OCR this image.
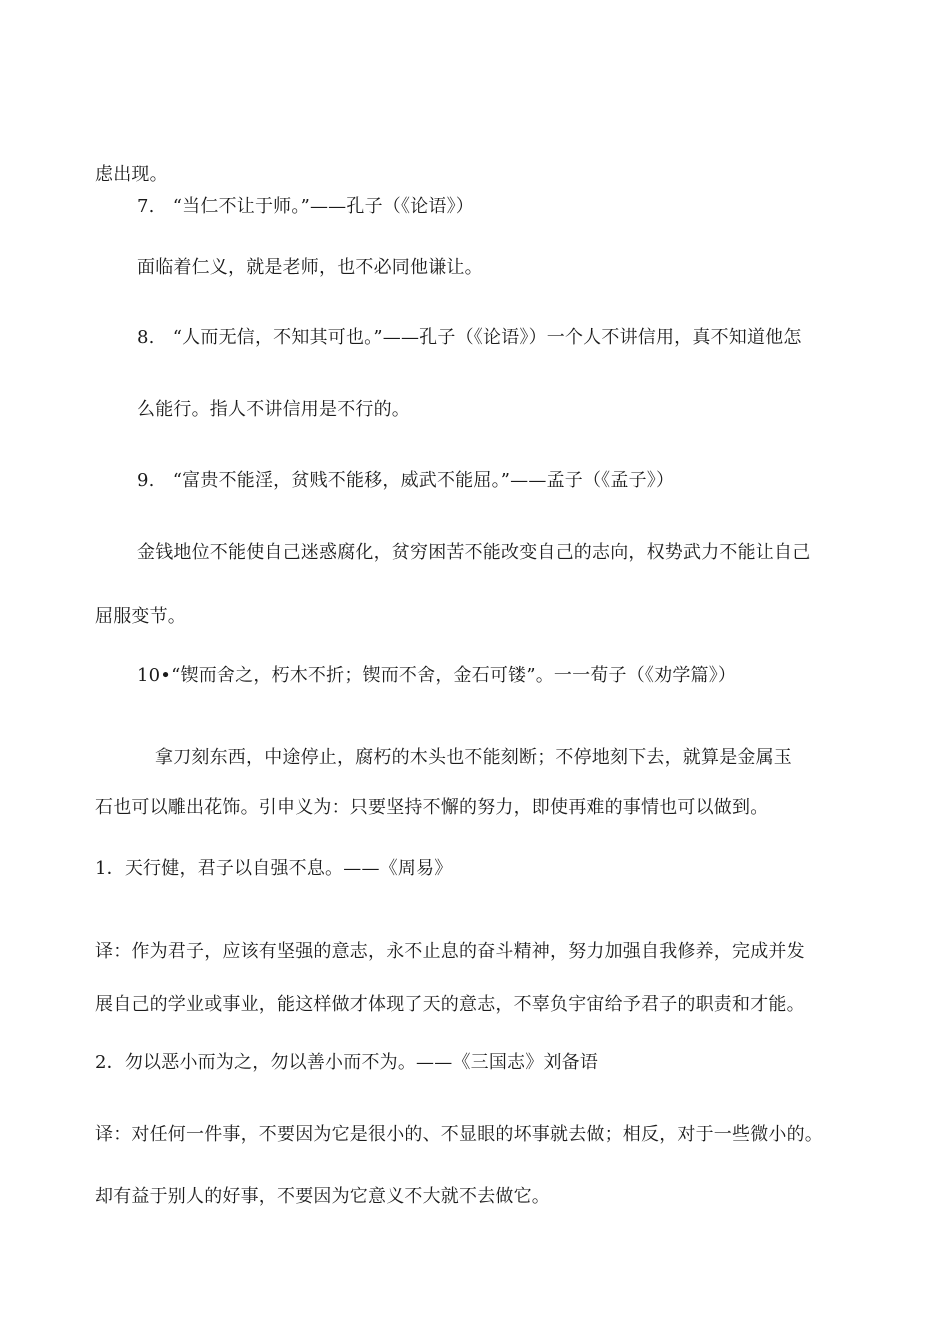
虑出现。
7.　“当仁不让于师。”——孔子（《论语》）
面临着仁义，就是老师，也不必同他谦让。
8.　“人而无信，不知其可也。”——孔子（《论语》）一个人不讲信用，真不知道他怎
么能行。指人不讲信用是不行的。
9.　“富贵不能淫，贫贱不能移，威武不能屈。”——孟子（《孟子》）
金钱地位不能使自己迷惑腐化，贫穷困苦不能改变自己的志向，权势武力不能让自己
屈服变节。
10•“锲而舍之，朽木不折；锲而不舍，金石可镂”。一一荀子（《劝学篇》）
拿刀刻东西，中途停止，腐朽的木头也不能刻断；不停地刻下去，就算是金属玉
石也可以雕出花饰。引申义为：只要坚持不懈的努力，即使再难的事情也可以做到。
1．天行健，君子以自强不息。——《周易》
译：作为君子，应该有坚强的意志，永不止息的奋斗精神，努力加强自我修养，完成并发
展自己的学业或事业，能这样做才体现了天的意志，不辜负宇宙给予君子的职责和才能。
2．勿以恶小而为之，勿以善小而不为。——《三国志》刘备语
译：对任何一件事，不要因为它是很小的、不显眼的坏事就去做；相反，对于一些微小的。
却有益于别人的好事，不要因为它意义不大就不去做它。
